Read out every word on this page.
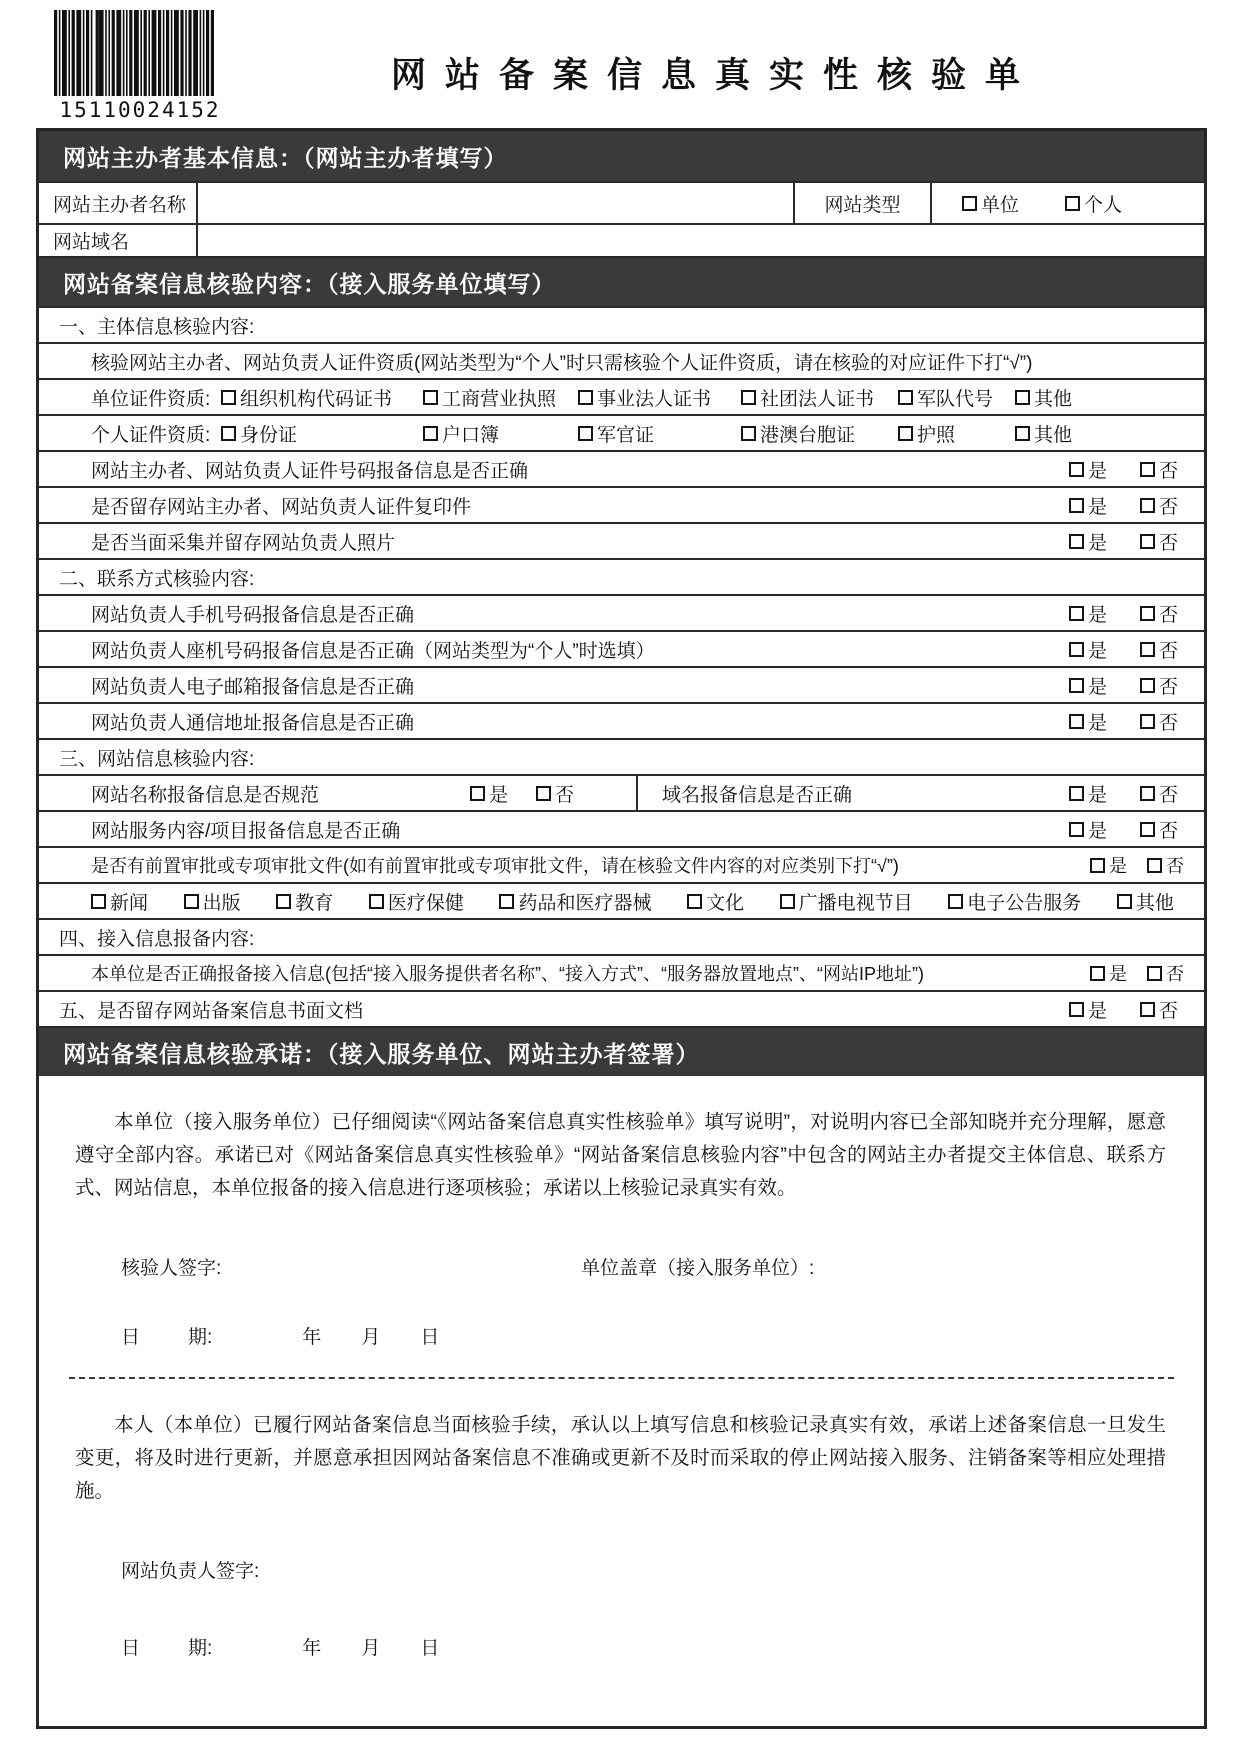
15110024152
网站备案信息真实性核验单
网站主办者基本信息：（网站主办者填写）
网站主办者名称	网站类型	单位	个人
网站域名
网站备案信息核验内容：（接入服务单位填写）
一、主体信息核验内容:
核验网站主办者、网站负责人证件资质(网站类型为“个人”时只需核验个人证件资质，请在核验的对应证件下打“√”)
单位证件资质:	组织机构代码证书	工商营业执照 事业法人证书	社团法人证书 军队代号 其他
个人证件资质:	身份证	户口簿	军官证	港澳台胞证	护照	其他
网站主办者、网站负责人证件号码报备信息是否正确	是	否
是否留存网站主办者、网站负责人证件复印件	是	否
是否当面采集并留存网站负责人照片	是	否
二、联系方式核验内容:
网站负责人手机号码报备信息是否正确	是	否
网站负责人座机号码报备信息是否正确（网站类型为“个人”时选填）	是	否
网站负责人电子邮箱报备信息是否正确	是	否
网站负责人通信地址报备信息是否正确	是	否
三、网站信息核验内容:
网站名称报备信息是否规范	是 否	域名报备信息是否正确	是	否
网站服务内容/项目报备信息是否正确	是	否
是否有前置审批或专项审批文件(如有前置审批或专项审批文件，请在核验文件内容的对应类别下打“√”)	是 否
新闻	出版	教育	医疗保健	药品和医疗器械	文化	广播电视节目	电子公告服务	其他
四、接入信息报备内容:
本单位是否正确报备接入信息(包括“接入服务提供者名称”、“接入方式”、“服务器放置地点”、“网站IP地址”)	是 否
五、是否留存网站备案信息书面文档	是	否
网站备案信息核验承诺：（接入服务单位、网站主办者签署）

本单位（接入服务单位）已仔细阅读“《网站备案信息真实性核验单》填写说明”，对说明内容已全部知晓并充分理解，愿意遵守全部内容。承诺已对《网站备案信息真实性核验单》“网站备案信息核验内容”中包含的网站主办者提交主体信息、联系方式、网站信息，本单位报备的接入信息进行逐项核验；承诺以上核验记录真实有效。

核验人签字:	单位盖章（接入服务单位）:
日	期:	年 月 日

本人（本单位）已履行网站备案信息当面核验手续，承认以上填写信息和核验记录真实有效，承诺上述备案信息一旦发生变更，将及时进行更新，并愿意承担因网站备案信息不准确或更新不及时而采取的停止网站接入服务、注销备案等相应处理措施。

网站负责人签字:
日	期:	年 月 日
